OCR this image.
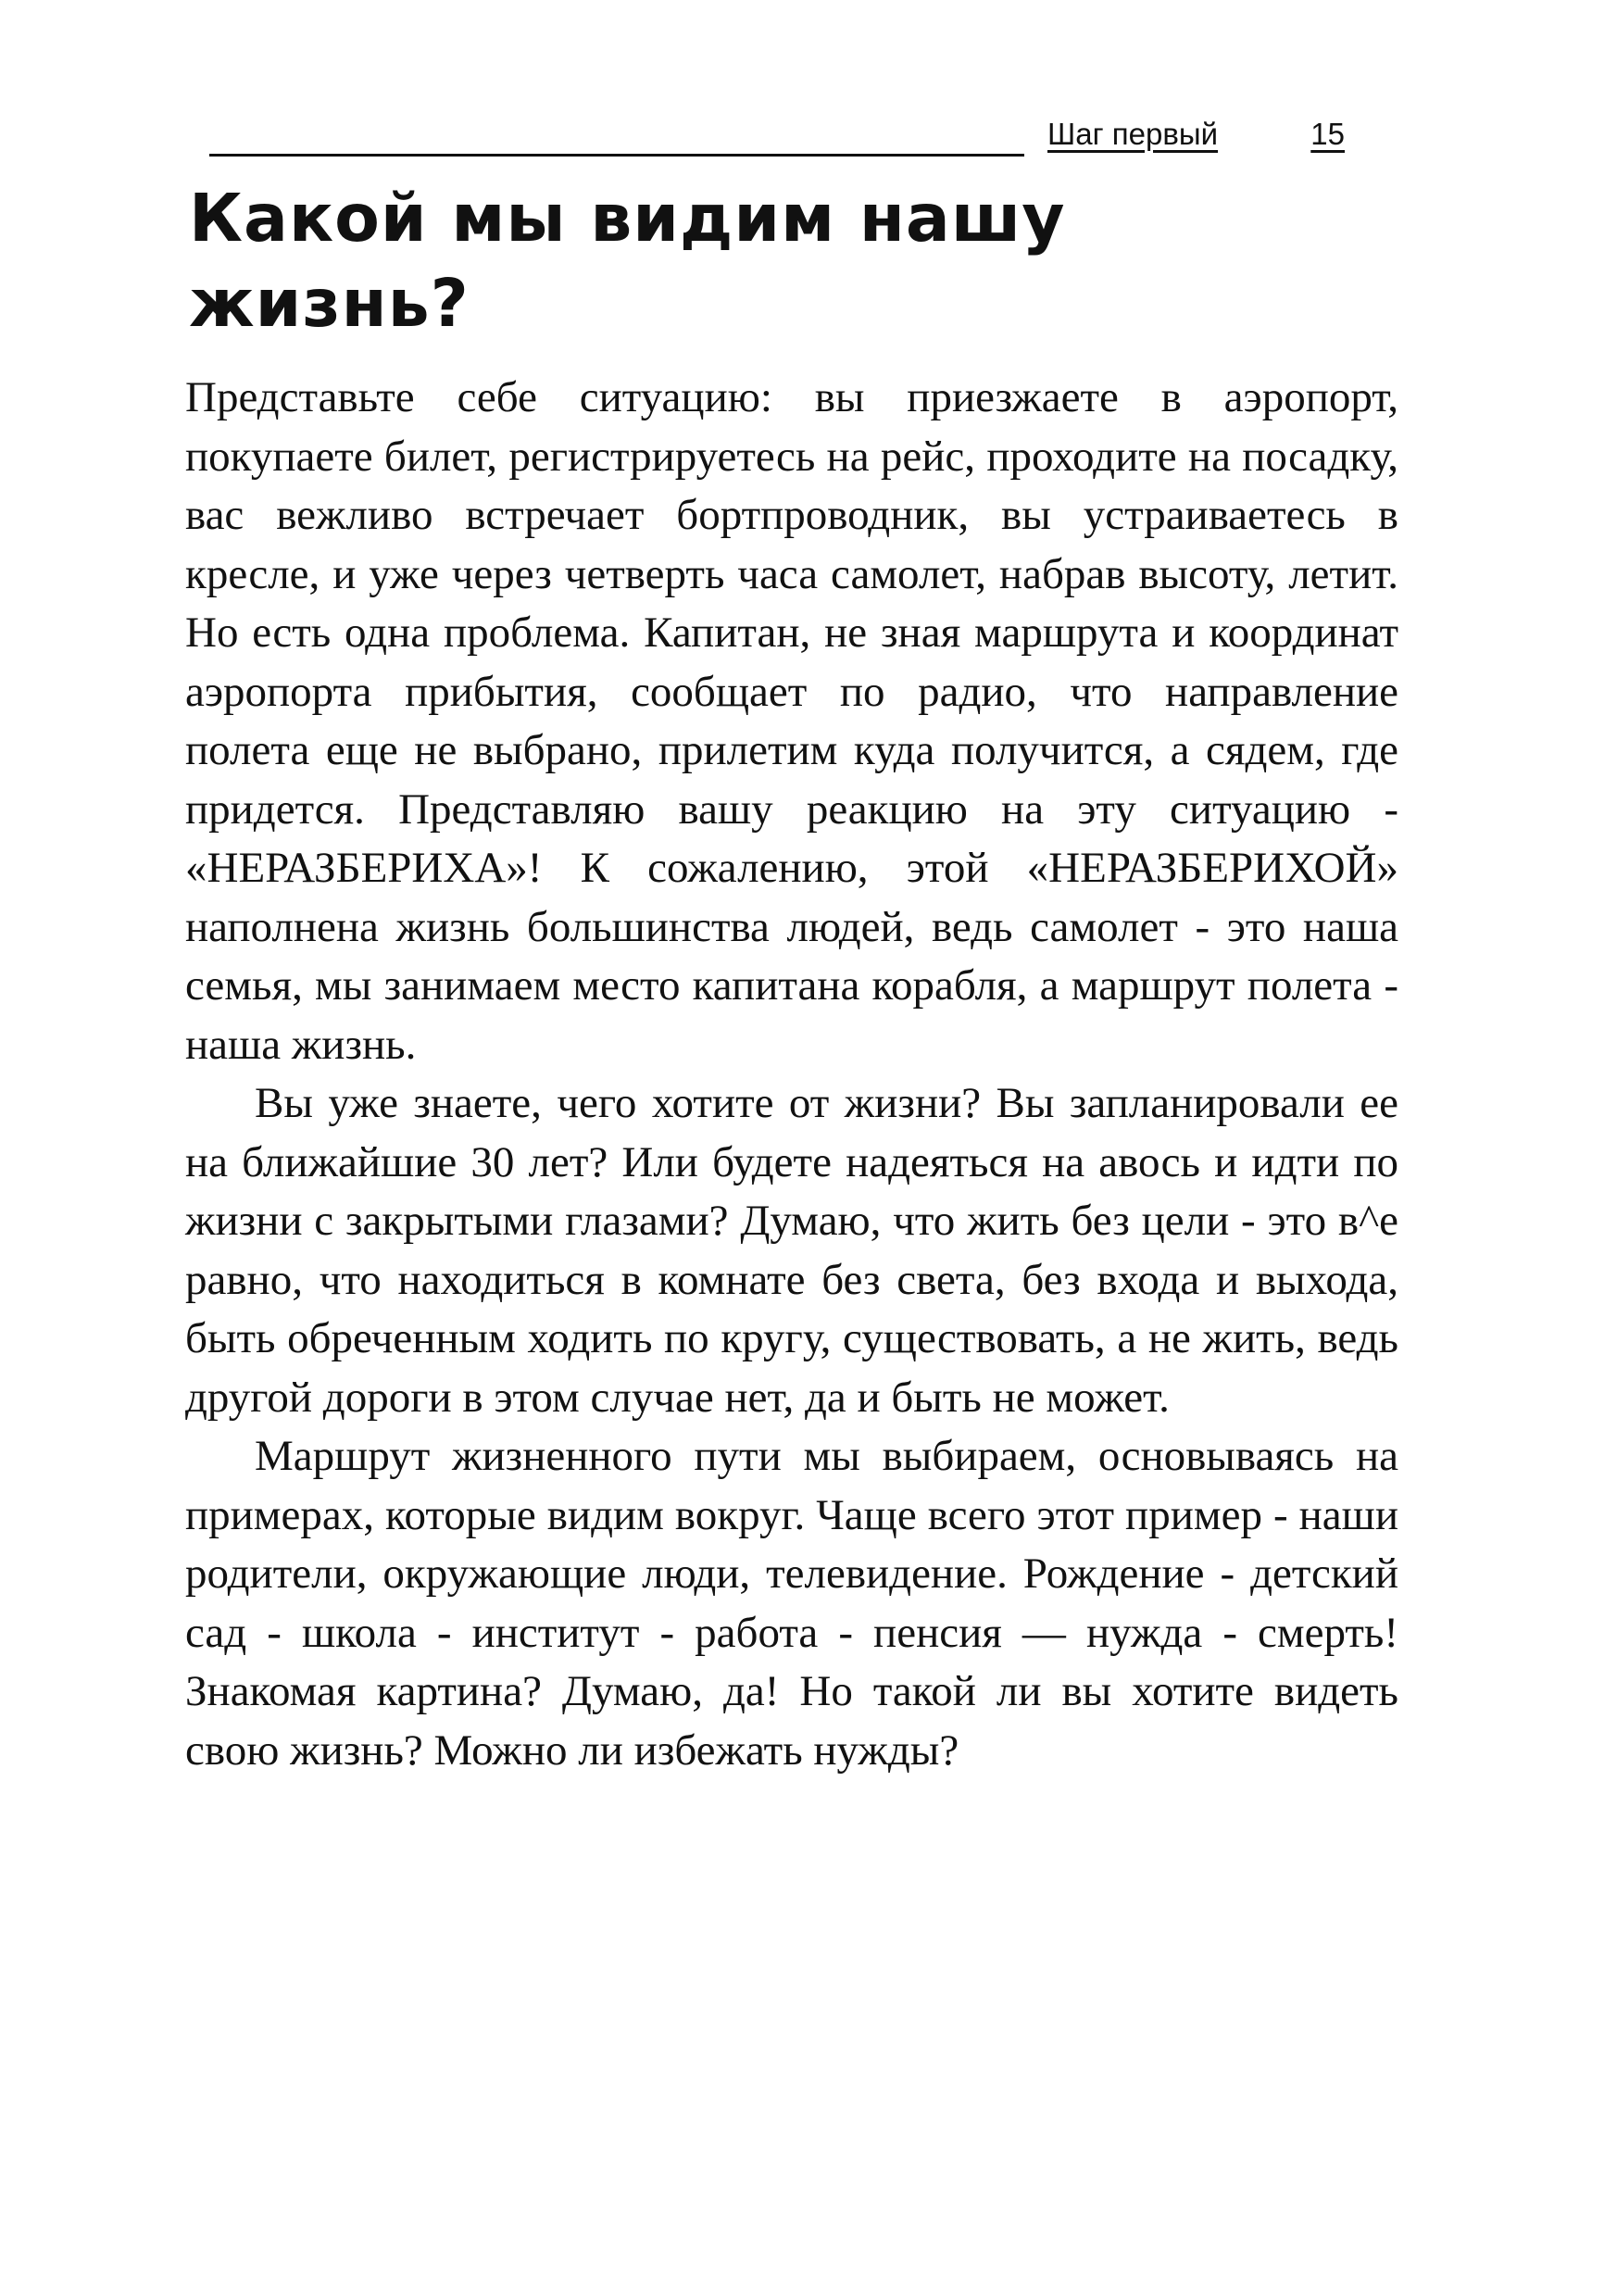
Шаг первый	15
Какой мы видим нашу жизнь?

Представьте себе ситуацию: вы приезжаете в аэропорт, покупаете билет, регистрируетесь на рейс, проходите на посадку, вас вежливо встречает бортпроводник, вы устраиваетесь в кресле, и уже через четверть часа самолет, набрав высоту, летит. Но есть одна проблема. Капитан, не зная маршрута и координат аэропорта прибытия, сообщает по радио, что направление полета еще не выбрано, прилетим куда получится, а сядем, где придется. Представляю вашу реакцию на эту ситуацию - «НЕРАЗБЕРИХА»! К сожалению, этой «НЕРАЗБЕРИХОЙ» наполнена жизнь большинства людей, ведь самолет - это наша семья, мы занимаем место капитана корабля, а маршрут полета - наша жизнь.

Вы уже знаете, чего хотите от жизни? Вы запланировали ее на ближайшие 30 лет? Или будете надеяться на авось и идти по жизни с закрытыми глазами? Думаю, что жить без цели - это в^е равно, что находиться в комнате без света, без входа и выхода, быть обреченным ходить по кругу, существовать, а не жить, ведь другой дороги в этом случае нет, да и быть не может.

Маршрут жизненного пути мы выбираем, основываясь на примерах, которые видим вокруг. Чаще всего этот пример - наши родители, окружающие люди, телевидение. Рождение - детский сад - школа - институт - работа - пенсия — нужда - смерть! Знакомая картина? Думаю, да! Но такой ли вы хотите видеть свою жизнь? Можно ли избежать нужды?
